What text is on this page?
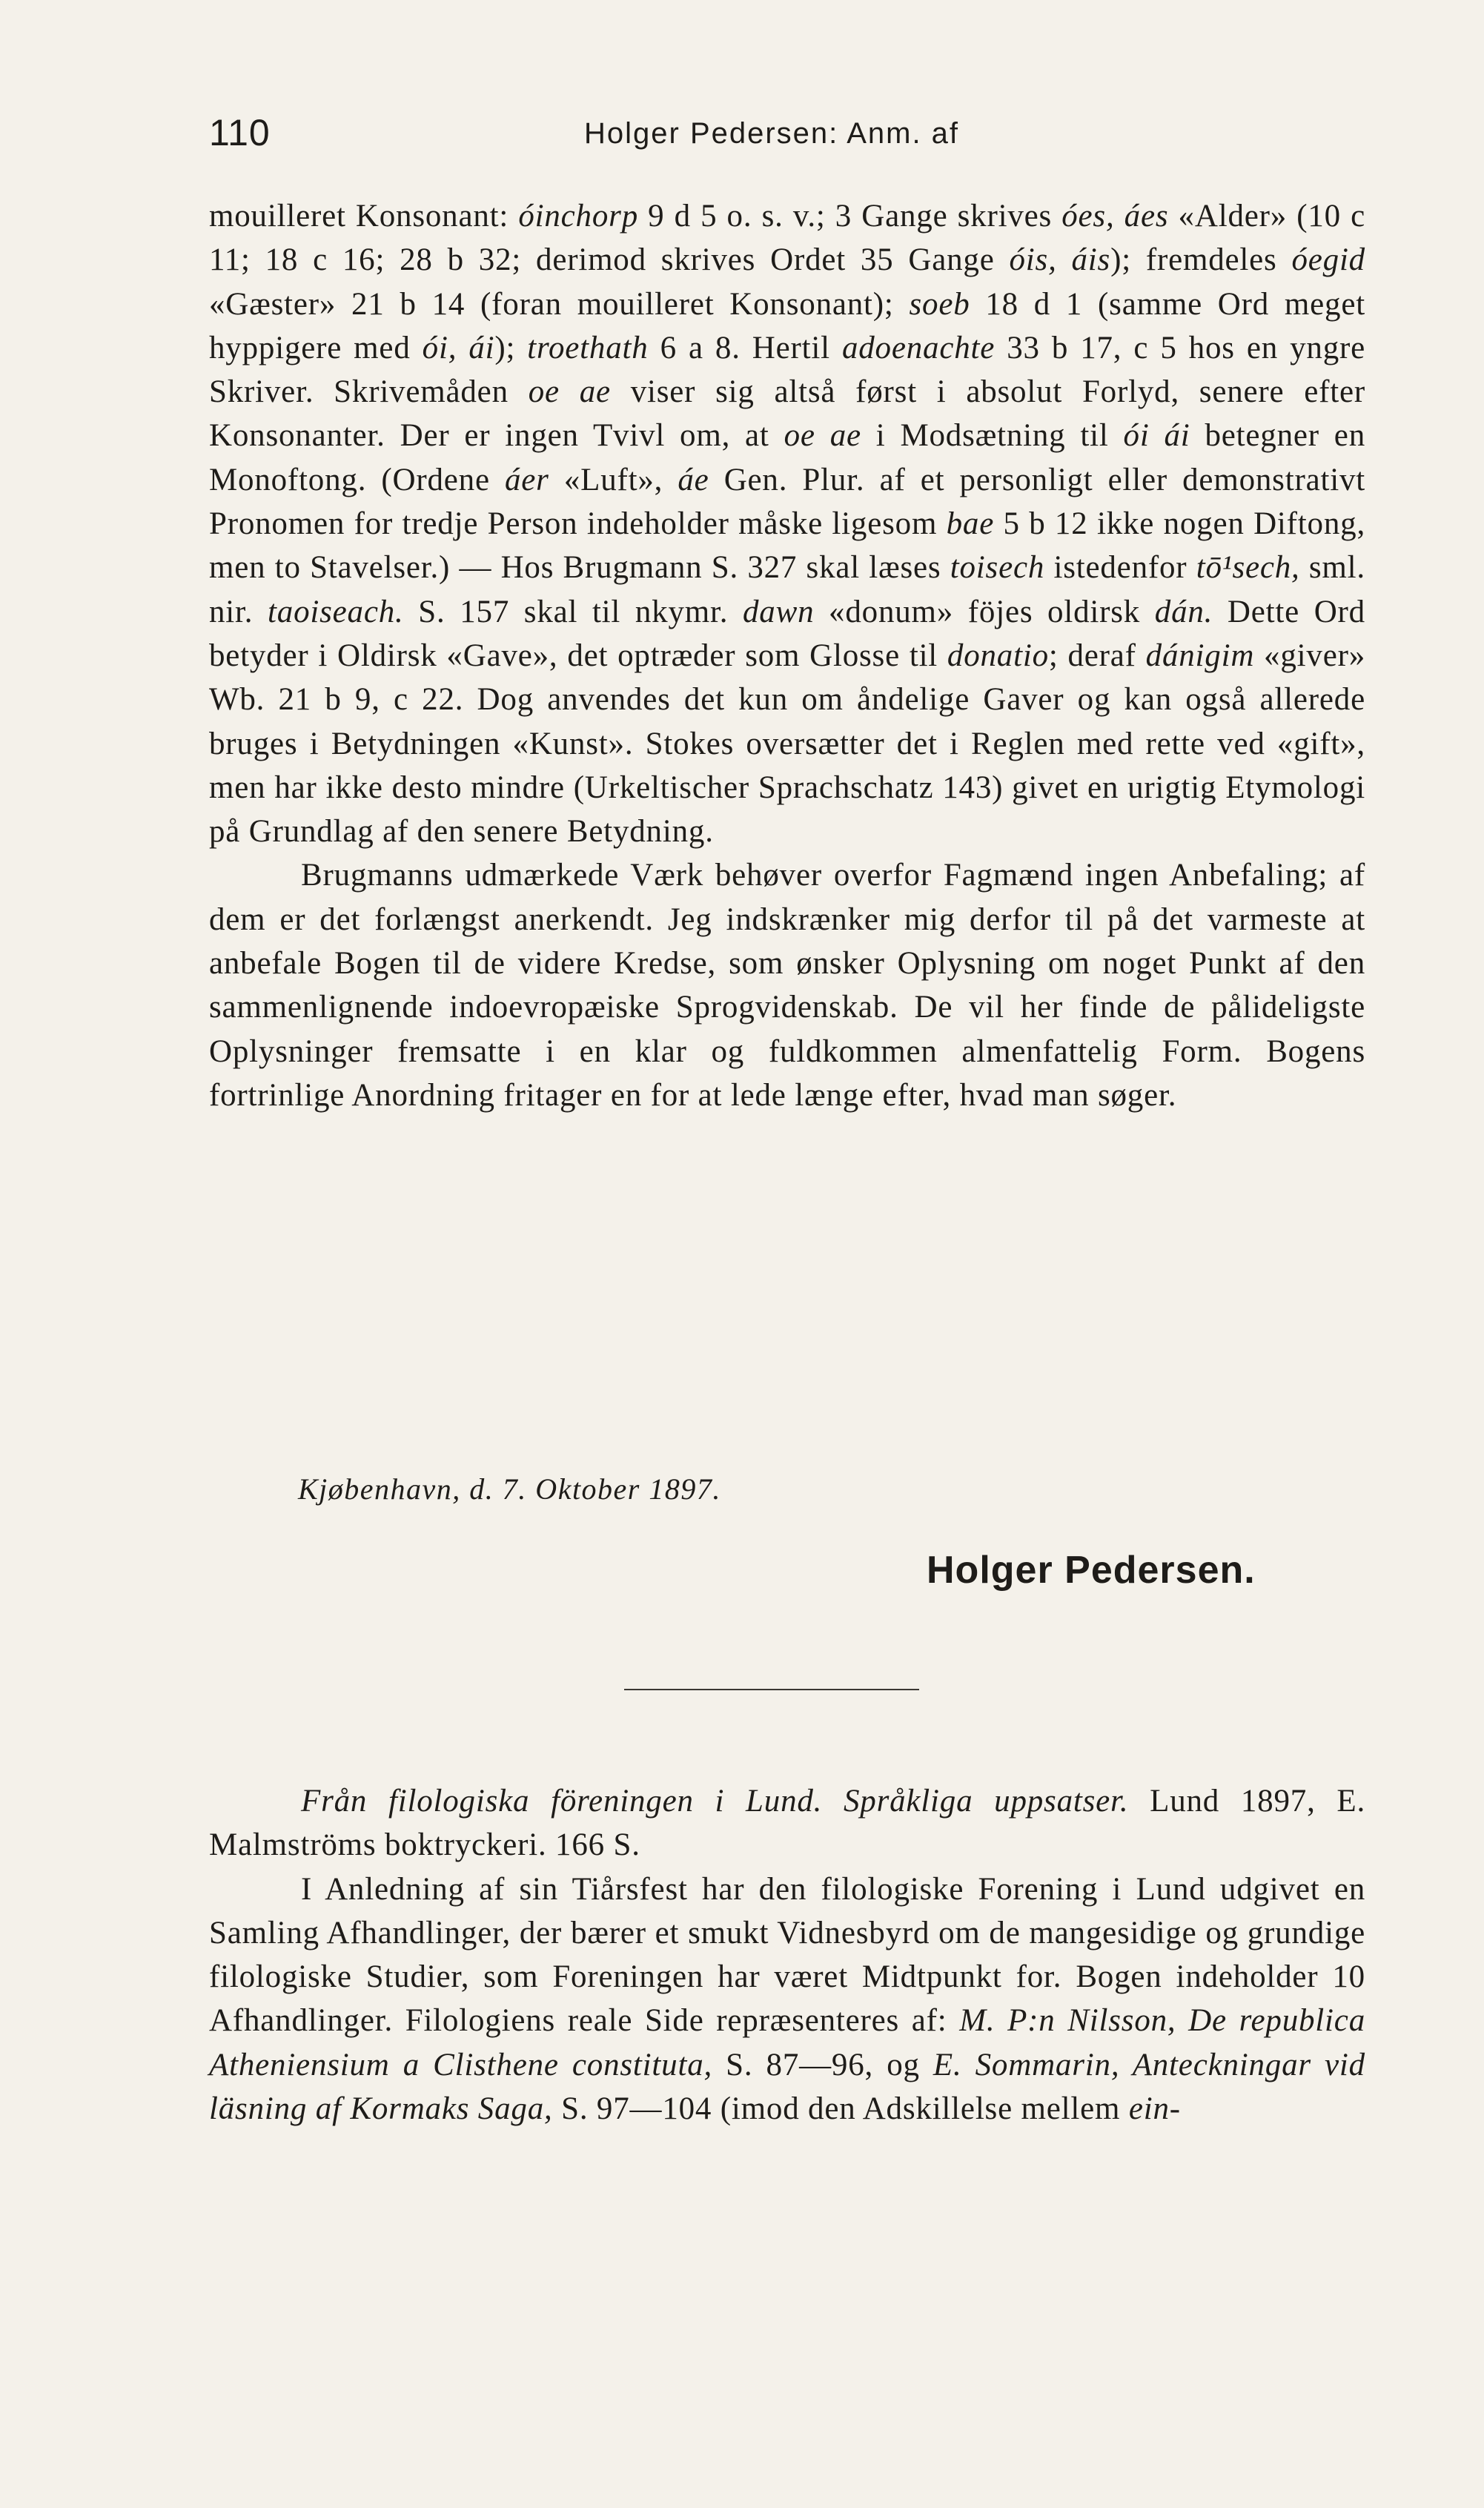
110	Holger Pedersen: Anm. af

mouilleret Konsonant: óinchorp 9 d 5 o. s. v.; 3 Gange skrives óes, áes «Alder» (10 c 11; 18 c 16; 28 b 32; derimod skrives Ordet 35 Gange óis, áis); fremdeles óegid «Gæster» 21 b 14 (foran mouilleret Konsonant); soeb 18 d 1 (samme Ord meget hyppigere med ói, ái); troethath 6 a 8. Hertil adoenachte 33 b 17, c 5 hos en yngre Skriver. Skrivemåden oe ae viser sig altså først i absolut Forlyd, senere efter Konsonanter. Der er ingen Tvivl om, at oe ae i Modsætning til ói ái betegner en Monoftong. (Ordene áer «Luft», áe Gen. Plur. af et personligt eller demonstrativt Pronomen for tredje Person indeholder måske ligesom bae 5 b 12 ikke nogen Diftong, men to Stavelser.) — Hos Brugmann S. 327 skal læses toisech istedenfor tō¹sech, sml. nir. taoiseach. S. 157 skal til nkymr. dawn «donum» föjes oldirsk dán. Dette Ord betyder i Oldirsk «Gave», det optræder som Glosse til donatio; deraf dánigim «giver» Wb. 21 b 9, c 22. Dog anvendes det kun om åndelige Gaver og kan også allerede bruges i Betydningen «Kunst». Stokes oversætter det i Reglen med rette ved «gift», men har ikke desto mindre (Urkeltischer Sprachschatz 143) givet en urigtig Etymologi på Grundlag af den senere Betydning.

Brugmanns udmærkede Værk behøver overfor Fagmænd ingen Anbefaling; af dem er det forlængst anerkendt. Jeg indskrænker mig derfor til på det varmeste at anbefale Bogen til de videre Kredse, som ønsker Oplysning om noget Punkt af den sammenlignende indoevropæiske Sprogvidenskab. De vil her finde de pålideligste Oplysninger fremsatte i en klar og fuldkommen almenfattelig Form. Bogens fortrinlige Anordning fritager en for at lede længe efter, hvad man søger.

Kjøbenhavn, d. 7. Oktober 1897.
Holger Pedersen.

Från filologiska föreningen i Lund. Språkliga uppsatser. Lund 1897, E. Malmströms boktryckeri. 166 S.

I Anledning af sin Tiårsfest har den filologiske Forening i Lund udgivet en Samling Afhandlinger, der bærer et smukt Vidnesbyrd om de mangesidige og grundige filologiske Studier, som Foreningen har været Midtpunkt for. Bogen indeholder 10 Afhandlinger. Filologiens reale Side repræsenteres af: M. P:n Nilsson, De republica Atheniensium a Clisthene constituta, S. 87—96, og E. Sommarin, Anteckningar vid läsning af Kormaks Saga, S. 97—104 (imod den Adskillelse mellem ein-
